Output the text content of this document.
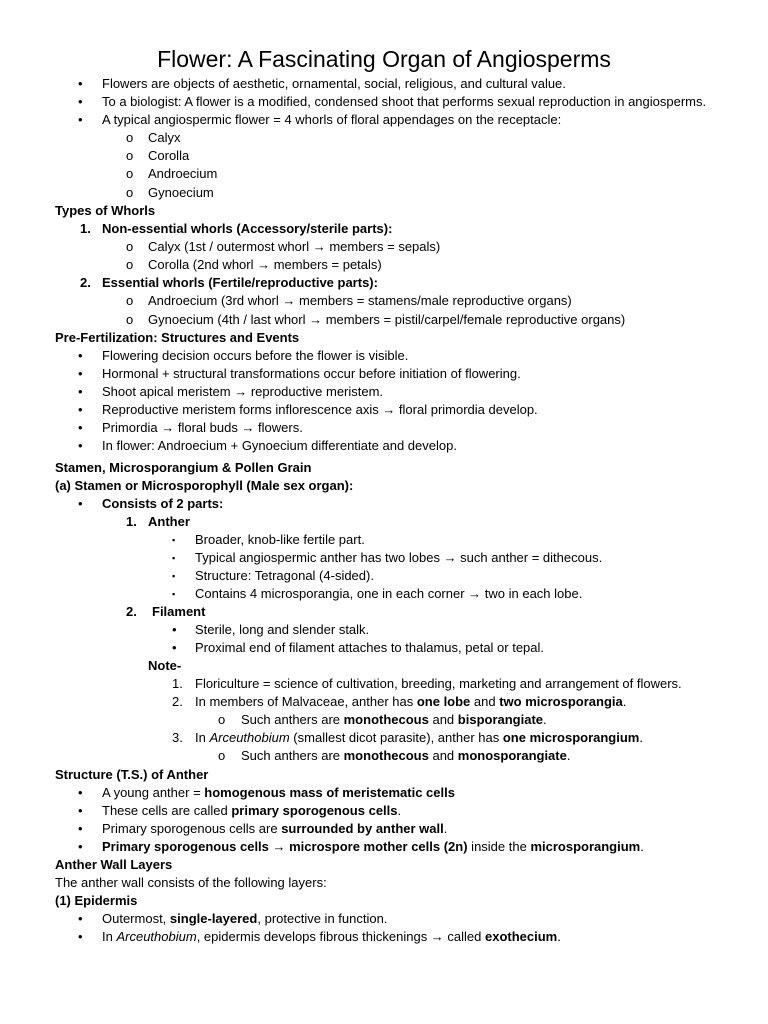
Flower: A Fascinating Organ of Angiosperms
• Flowers are objects of aesthetic, ornamental, social, religious, and cultural value.
• To a biologist: A flower is a modified, condensed shoot that performs sexual reproduction in angiosperms.
• A typical angiospermic flower = 4 whorls of floral appendages on the receptacle:
o Calyx
o Corolla
o Androecium
o Gynoecium
Types of Whorls
1. Non-essential whorls (Accessory/sterile parts):
o Calyx (1st / outermost whorl → members = sepals)
o Corolla (2nd whorl → members = petals)
2. Essential whorls (Fertile/reproductive parts):
o Androecium (3rd whorl → members = stamens/male reproductive organs)
o Gynoecium (4th / last whorl → members = pistil/carpel/female reproductive organs)
Pre-Fertilization: Structures and Events
• Flowering decision occurs before the flower is visible.
• Hormonal + structural transformations occur before initiation of flowering.
• Shoot apical meristem → reproductive meristem.
• Reproductive meristem forms inflorescence axis → floral primordia develop.
• Primordia → floral buds → flowers.
• In flower: Androecium + Gynoecium differentiate and develop.
Stamen, Microsporangium & Pollen Grain
(a) Stamen or Microsporophyll (Male sex organ):
• Consists of 2 parts:
1. Anther
▪ Broader, knob-like fertile part.
▪ Typical angiospermic anther has two lobes → such anther = dithecous.
▪ Structure: Tetragonal (4-sided).
▪ Contains 4 microsporangia, one in each corner → two in each lobe.
2. Filament
• Sterile, long and slender stalk.
• Proximal end of filament attaches to thalamus, petal or tepal.
Note-
1. Floriculture = science of cultivation, breeding, marketing and arrangement of flowers.
2. In members of Malvaceae, anther has one lobe and two microsporangia.
o Such anthers are monothecous and bisporangiate.
3. In Arceuthobium (smallest dicot parasite), anther has one microsporangium.
o Such anthers are monothecous and monosporangiate.
Structure (T.S.) of Anther
• A young anther = homogenous mass of meristematic cells
• These cells are called primary sporogenous cells.
• Primary sporogenous cells are surrounded by anther wall.
• Primary sporogenous cells → microspore mother cells (2n) inside the microsporangium.
Anther Wall Layers
The anther wall consists of the following layers:
(1) Epidermis
• Outermost, single-layered, protective in function.
• In Arceuthobium, epidermis develops fibrous thickenings → called exothecium.
